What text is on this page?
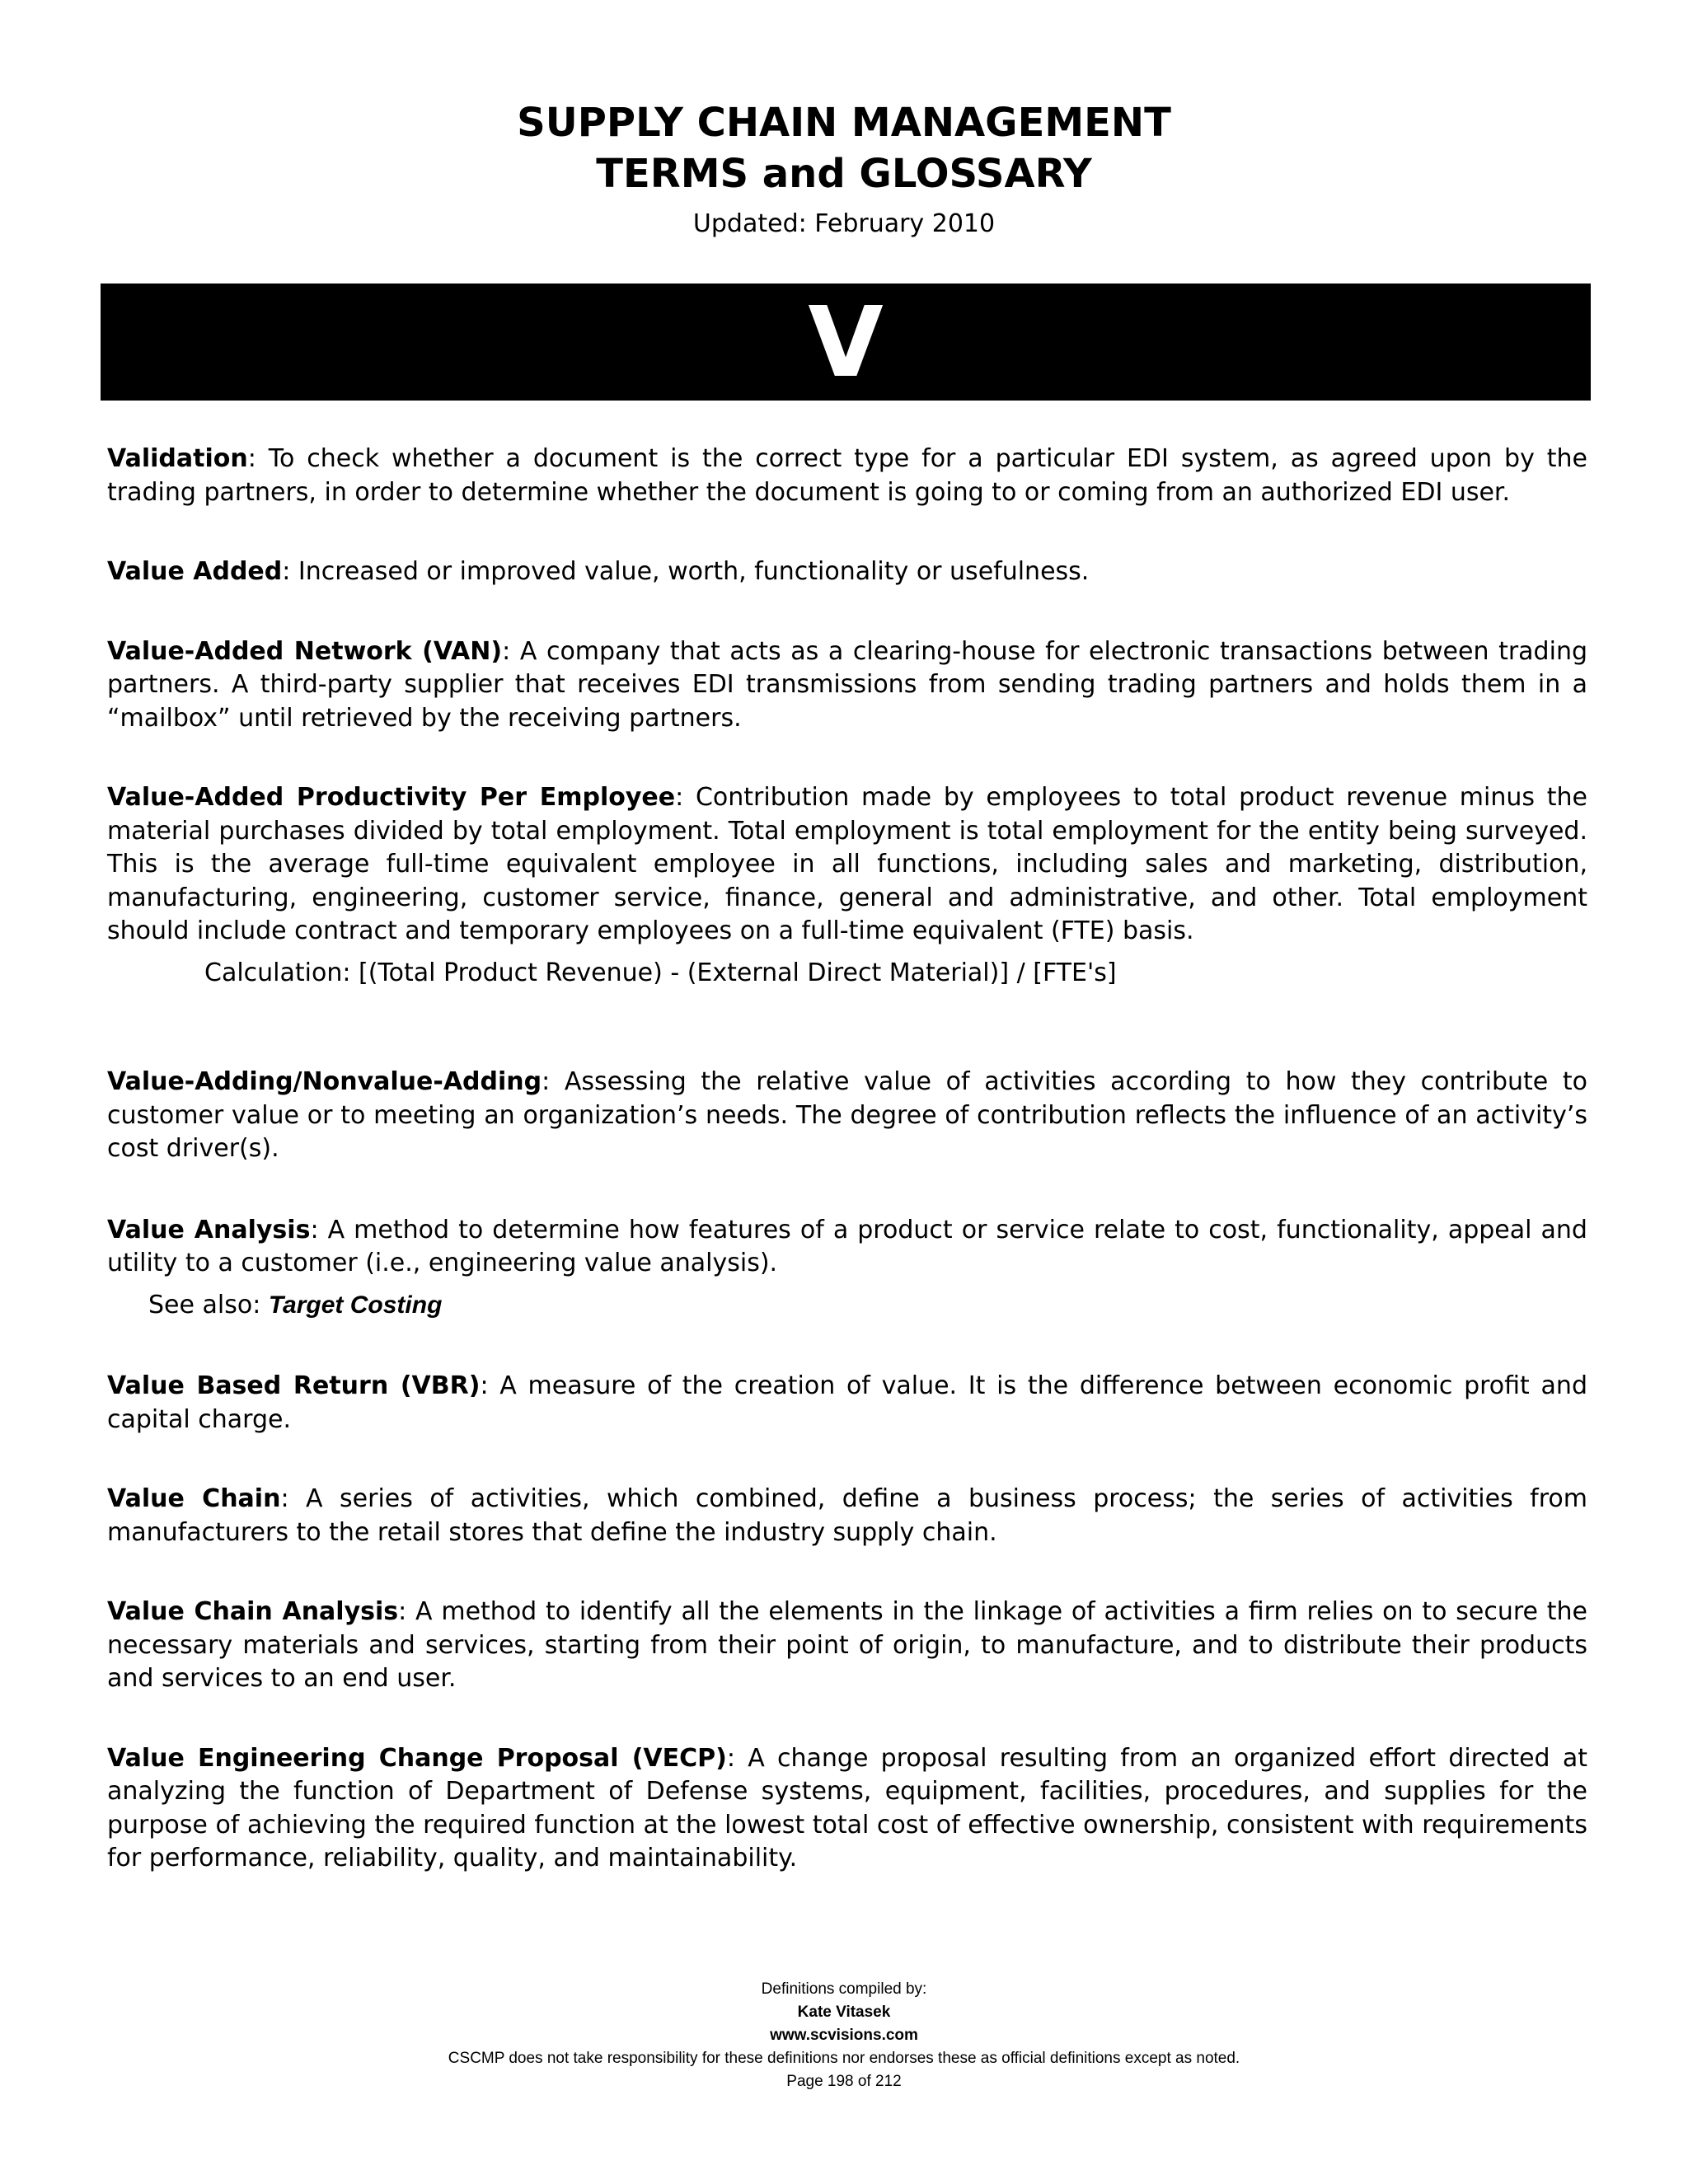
SUPPLY CHAIN MANAGEMENT
TERMS and GLOSSARY
Updated: February 2010
V

Validation: To check whether a document is the correct type for a particular EDI system, as agreed upon by the trading partners, in order to determine whether the document is going to or coming from an authorized EDI user.

Value Added: Increased or improved value, worth, functionality or usefulness.

Value-Added Network (VAN): A company that acts as a clearing-house for electronic transactions between trading partners. A third-party supplier that receives EDI transmissions from sending trading partners and holds them in a “mailbox” until retrieved by the receiving partners.

Value-Added Productivity Per Employee: Contribution made by employees to total product revenue minus the material purchases divided by total employment. Total employment is total employment for the entity being surveyed. This is the average full-time equivalent employee in all functions, including sales and marketing, distribution, manufacturing, engineering, customer service, finance, general and administrative, and other. Total employment should include contract and temporary employees on a full-time equivalent (FTE) basis.

Calculation: [(Total Product Revenue) - (External Direct Material)] / [FTE's]

Value-Adding/Nonvalue-Adding: Assessing the relative value of activities according to how they contribute to customer value or to meeting an organization’s needs. The degree of contribution reflects the influence of an activity’s cost driver(s).

Value Analysis: A method to determine how features of a product or service relate to cost, functionality, appeal and utility to a customer (i.e., engineering value analysis).

See also: Target Costing

Value Based Return (VBR): A measure of the creation of value. It is the difference between economic profit and capital charge.

Value Chain: A series of activities, which combined, define a business process; the series of activities from manufacturers to the retail stores that define the industry supply chain.

Value Chain Analysis: A method to identify all the elements in the linkage of activities a firm relies on to secure the necessary materials and services, starting from their point of origin, to manufacture, and to distribute their products and services to an end user.

Value Engineering Change Proposal (VECP): A change proposal resulting from an organized effort directed at analyzing the function of Department of Defense systems, equipment, facilities, procedures, and supplies for the purpose of achieving the required function at the lowest total cost of effective ownership, consistent with requirements for performance, reliability, quality, and maintainability.

Definitions compiled by:
Kate Vitasek
www.scvisions.com
CSCMP does not take responsibility for these definitions nor endorses these as official definitions except as noted.
Page 198 of 212
